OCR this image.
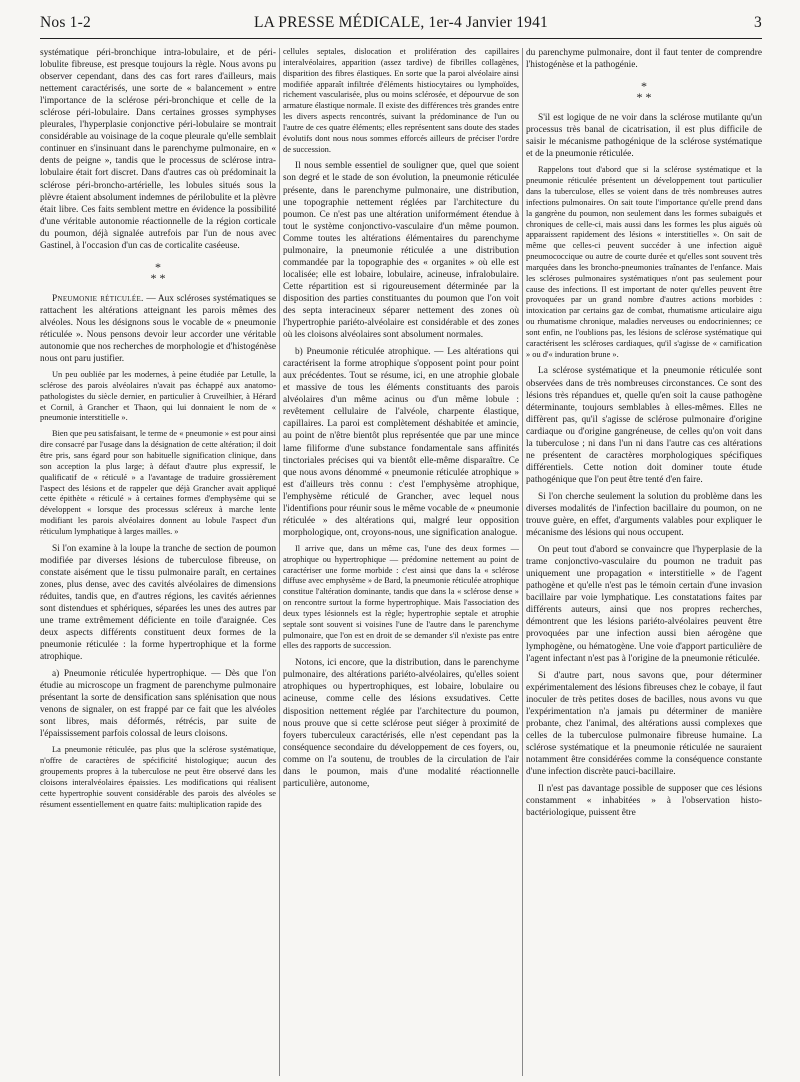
Nos 1-2	LA PRESSE MÉDICALE, 1er-4 Janvier 1941	3

systématique péri-bronchique intra-lobulaire, et de péri-lobulite fibreuse, est presque toujours la règle. Nous avons pu observer cependant, dans des cas fort rares d'ailleurs, mais nettement caractérisés, une sorte de « balancement » entre l'importance de la sclérose péri-bronchique et celle de la sclérose péri-lobulaire. Dans certaines grosses symphyses pleurales, l'hyperplasie conjonctive péri-lobulaire se montrait considérable au voisinage de la coque pleurale qu'elle semblait continuer en s'insinuant dans le parenchyme pulmonaire, en « dents de peigne », tandis que le processus de sclérose intra-lobulaire était fort discret. Dans d'autres cas où prédominait la sclérose péri-broncho-artérielle, les lobules situés sous la plèvre étaient absolument indemnes de périlobulite et la plèvre était libre. Ces faits semblent mettre en évidence la possibilité d'une véritable autonomie réactionnelle de la région corticale du poumon, déjà signalée autrefois par l'un de nous avec Gastinel, à l'occasion d'un cas de corticalite caséeuse.

*
* *

Pneumonie réticulée. — Aux scléroses systématiques se rattachent les altérations atteignant les parois mêmes des alvéoles. Nous les désignons sous le vocable de « pneumonie réticulée ». Nous pensons devoir leur accorder une véritable autonomie que nos recherches de morphologie et d'histogénèse nous ont paru justifier.

Un peu oubliée par les modernes, à peine étudiée par Letulle, la sclérose des parois alvéolaires n'avait pas échappé aux anatomo-pathologistes du siècle dernier, en particulier à Cruveilhier, à Hérard et Cornil, à Grancher et Thaon, qui lui donnaient le nom de « pneumonie interstitielle ».

Bien que peu satisfaisant, le terme de « pneumonie » est pour ainsi dire consacré par l'usage dans la désignation de cette altération; il doit être pris, sans égard pour son habituelle signification clinique, dans son acception la plus large; à défaut d'autre plus expressif, le qualificatif de « réticulé » a l'avantage de traduire grossièrement l'aspect des lésions et de rappeler que déjà Grancher avait appliqué cette épithète « réticulé » à certaines formes d'emphysème qui se développent « lorsque des processus scléreux à marche lente modifiant les parois alvéolaires donnent au lobule l'aspect d'un réticulum lymphatique à larges mailles. »

Si l'on examine à la loupe la tranche de section de poumon modifiée par diverses lésions de tuberculose fibreuse, on constate aisément que le tissu pulmonaire paraît, en certaines zones, plus dense, avec des cavités alvéolaires de dimensions réduites, tandis que, en d'autres régions, les cavités aériennes sont distendues et sphériques, séparées les unes des autres par une trame extrêmement déficiente en toile d'araignée. Ces deux aspects différents constituent deux formes de la pneumonie réticulée : la forme hypertrophique et la forme atrophique.

a) Pneumonie réticulée hypertrophique. — Dès que l'on étudie au microscope un fragment de parenchyme pulmonaire présentant la sorte de densification sans splénisation que nous venons de signaler, on est frappé par ce fait que les alvéoles sont libres, mais déformés, rétrécis, par suite de l'épaississement parfois colossal de leurs cloisons.

La pneumonie réticulée, pas plus que la sclérose systématique, n'offre de caractères de spécificité histologique; aucun des groupements propres à la tuberculose ne peut être observé dans les cloisons interalvéolaires épaissies. Les modifications qui réalisent cette hypertrophie souvent considérable des parois des alvéoles se résument essentiellement en quatre faits: multiplication rapide des

cellules septales, dislocation et prolifération des capillaires interalvéolaires, apparition (assez tardive) de fibrilles collagènes, disparition des fibres élastiques. En sorte que la paroi alvéolaire ainsi modifiée apparaît infiltrée d'éléments histiocytaires ou lymphoïdes, richement vascularisée, plus ou moins sclérosée, et dépourvue de son armature élastique normale. Il existe des différences très grandes entre les divers aspects rencontrés, suivant la prédominance de l'un ou l'autre de ces quatre éléments; elles représentent sans doute des stades évolutifs dont nous nous sommes efforcés ailleurs de préciser l'ordre de succession.

Il nous semble essentiel de souligner que, quel que soient son degré et le stade de son évolution, la pneumonie réticulée présente, dans le parenchyme pulmonaire, une distribution, une topographie nettement réglées par l'architecture du poumon. Ce n'est pas une altération uniformément étendue à tout le système conjonctivo-vasculaire d'un même poumon. Comme toutes les altérations élémentaires du parenchyme pulmonaire, la pneumonie réticulée a une distribution commandée par la topographie des « organites » où elle est localisée; elle est lobaire, lobulaire, acineuse, infralobulaire. Cette répartition est si rigoureusement déterminée par la disposition des parties constituantes du poumon que l'on voit des septa interacineux séparer nettement des zones où l'hypertrophie pariéto-alvéolaire est considérable et des zones où les cloisons alvéolaires sont absolument normales.

b) Pneumonie réticulée atrophique. — Les altérations qui caractérisent la forme atrophique s'opposent point pour point aux précédentes. Tout se résume, ici, en une atrophie globale et massive de tous les éléments constituants des parois alvéolaires d'un même acinus ou d'un même lobule : revêtement cellulaire de l'alvéole, charpente élastique, capillaires. La paroi est complètement déshabitée et amincie, au point de n'être bientôt plus représentée que par une mince lame filiforme d'une substance fondamentale sans affinités tinctoriales précises qui va bientôt elle-même disparaître. Ce que nous avons dénommé « pneumonie réticulée atrophique » est d'ailleurs très connu : c'est l'emphysème atrophique, l'emphysème réticulé de Grancher, avec lequel nous l'identifions pour réunir sous le même vocable de « pneumonie réticulée » des altérations qui, malgré leur opposition morphologique, ont, croyons-nous, une signification analogue.

Il arrive que, dans un même cas, l'une des deux formes — atrophique ou hypertrophique — prédomine nettement au point de caractériser une forme morbide : c'est ainsi que dans la « sclérose diffuse avec emphysème » de Bard, la pneumonie réticulée atrophique constitue l'altération dominante, tandis que dans la « sclérose dense » on rencontre surtout la forme hypertrophique. Mais l'association des deux types lésionnels est la règle; hypertrophie septale et atrophie septale sont souvent si voisines l'une de l'autre dans le parenchyme pulmonaire, que l'on est en droit de se demander s'il n'existe pas entre elles des rapports de succession.

Notons, ici encore, que la distribution, dans le parenchyme pulmonaire, des altérations pariéto-alvéolaires, qu'elles soient atrophiques ou hypertrophiques, est lobaire, lobulaire ou acineuse, comme celle des lésions exsudatives. Cette disposition nettement réglée par l'architecture du poumon, nous prouve que si cette sclérose peut siéger à proximité de foyers tuberculeux caractérisés, elle n'est cependant pas la conséquence secondaire du développement de ces foyers, ou, comme on l'a soutenu, de troubles de la circulation de l'air dans le poumon, mais d'une modalité réactionnelle particulière, autonome,

du parenchyme pulmonaire, dont il faut tenter de comprendre l'histogénèse et la pathogénie.

*
* *

S'il est logique de ne voir dans la sclérose mutilante qu'un processus très banal de cicatrisation, il est plus difficile de saisir le mécanisme pathogénique de la sclérose systématique et de la pneumonie réticulée.

Rappelons tout d'abord que si la sclérose systématique et la pneumonie réticulée présentent un développement tout particulier dans la tuberculose, elles se voient dans de très nombreuses autres infections pulmonaires. On sait toute l'importance qu'elle prend dans la gangrène du poumon, non seulement dans les formes subaiguës et chroniques de celle-ci, mais aussi dans les formes les plus aiguës où apparaissent rapidement des lésions « interstitielles ». On sait de même que celles-ci peuvent succéder à une infection aiguë pneumococcique ou autre de courte durée et qu'elles sont souvent très marquées dans les broncho-pneumonies traînantes de l'enfance. Mais les scléroses pulmonaires systématiques n'ont pas seulement pour cause des infections. Il est important de noter qu'elles peuvent être provoquées par un grand nombre d'autres actions morbides : intoxication par certains gaz de combat, rhumatisme articulaire aigu ou rhumatisme chronique, maladies nerveuses ou endocriniennes; ce sont enfin, ne l'oublions pas, les lésions de sclérose systématique qui caractérisent les scléroses cardiaques, qu'il s'agisse de « carnification » ou d'« induration brune ».

La sclérose systématique et la pneumonie réticulée sont observées dans de très nombreuses circonstances. Ce sont des lésions très répandues et, quelle qu'en soit la cause pathogène déterminante, toujours semblables à elles-mêmes. Elles ne diffèrent pas, qu'il s'agisse de sclérose pulmonaire d'origine cardiaque ou d'origine gangréneuse, de celles qu'on voit dans la tuberculose ; ni dans l'un ni dans l'autre cas ces altérations ne présentent de caractères morphologiques spécifiques différentiels. Cette notion doit dominer toute étude pathogénique que l'on peut être tenté d'en faire.

Si l'on cherche seulement la solution du problème dans les diverses modalités de l'infection bacillaire du poumon, on ne trouve guère, en effet, d'arguments valables pour expliquer le mécanisme des lésions qui nous occupent.

On peut tout d'abord se convaincre que l'hyperplasie de la trame conjonctivo-vasculaire du poumon ne traduit pas uniquement une propagation « interstitielle » de l'agent pathogène et qu'elle n'est pas le témoin certain d'une invasion bacillaire par voie lymphatique. Les constatations faites par différents auteurs, ainsi que nos propres recherches, démontrent que les lésions pariéto-alvéolaires peuvent être provoquées par une infection aussi bien aérogène que lymphogène, ou hématogène. Une voie d'apport particulière de l'agent infectant n'est pas à l'origine de la pneumonie réticulée.

Si d'autre part, nous savons que, pour déterminer expérimentalement des lésions fibreuses chez le cobaye, il faut inoculer de très petites doses de bacilles, nous avons vu que l'expérimentation n'a jamais pu déterminer de manière probante, chez l'animal, des altérations aussi complexes que celles de la tuberculose pulmonaire fibreuse humaine. La sclérose systématique et la pneumonie réticulée ne sauraient notamment être considérées comme la conséquence constante d'une infection discrète pauci-bacillaire.

Il n'est pas davantage possible de supposer que ces lésions constamment « inhabitées » à l'observation histo-bactériologique, puissent être
